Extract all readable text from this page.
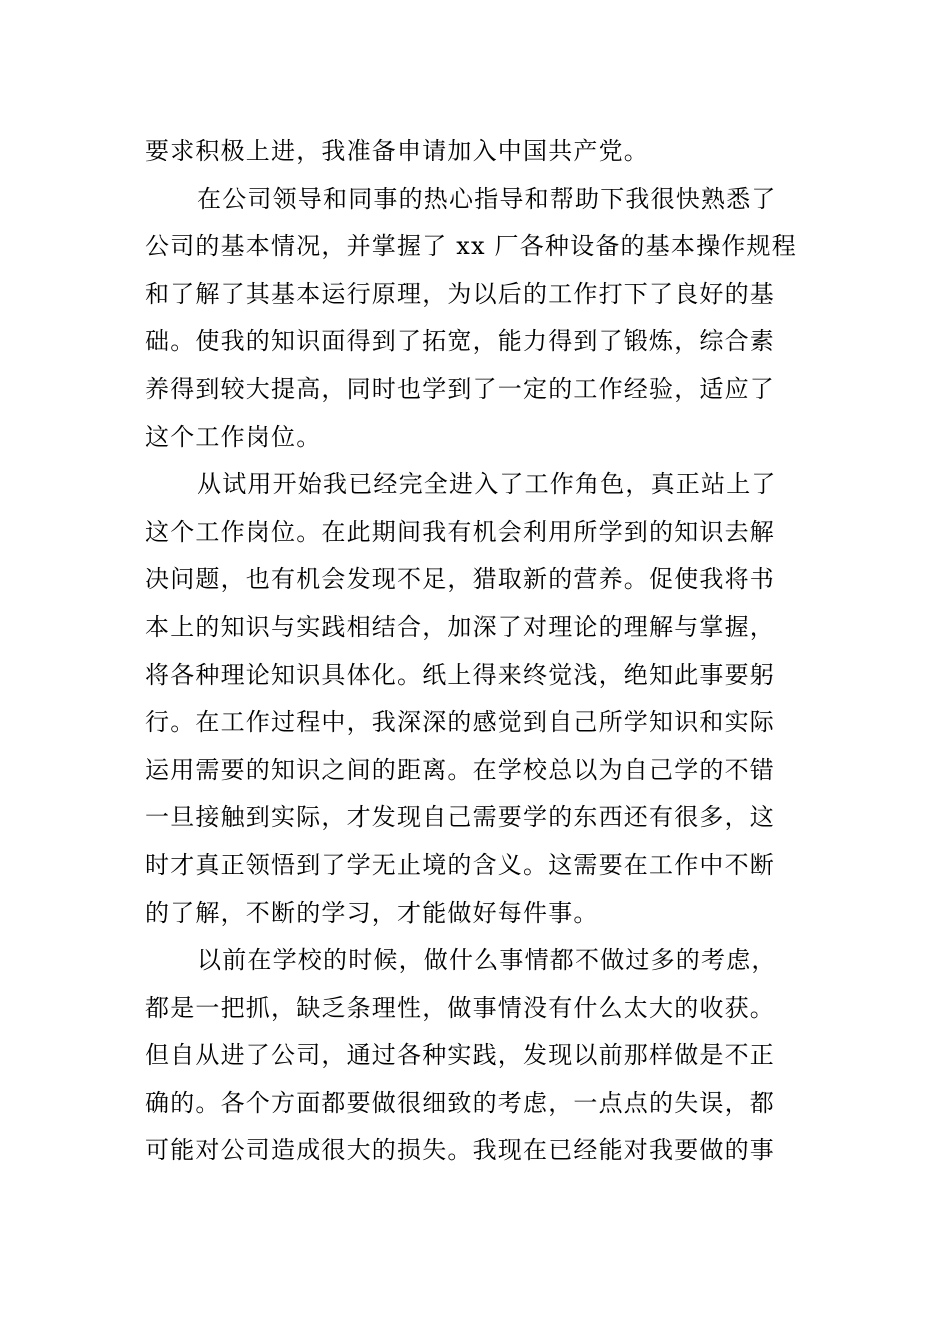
要求积极上进，我准备申请加入中国共产党。
在公司领导和同事的热心指导和帮助下我很快熟悉了
公司的基本情况，并掌握了 xx 厂各种设备的基本操作规程
和了解了其基本运行原理，为以后的工作打下了良好的基
础。使我的知识面得到了拓宽，能力得到了锻炼，综合素
养得到较大提高，同时也学到了一定的工作经验，适应了
这个工作岗位。
从试用开始我已经完全进入了工作角色，真正站上了
这个工作岗位。在此期间我有机会利用所学到的知识去解
决问题，也有机会发现不足，猎取新的营养。促使我将书
本上的知识与实践相结合，加深了对理论的理解与掌握，
将各种理论知识具体化。纸上得来终觉浅，绝知此事要躬
行。在工作过程中，我深深的感觉到自己所学知识和实际
运用需要的知识之间的距离。在学校总以为自己学的不错
一旦接触到实际，才发现自己需要学的东西还有很多，这
时才真正领悟到了学无止境的含义。这需要在工作中不断
的了解，不断的学习，才能做好每件事。
以前在学校的时候，做什么事情都不做过多的考虑，
都是一把抓，缺乏条理性，做事情没有什么太大的收获。
但自从进了公司，通过各种实践，发现以前那样做是不正
确的。各个方面都要做很细致的考虑，一点点的失误，都
可能对公司造成很大的损失。我现在已经能对我要做的事
